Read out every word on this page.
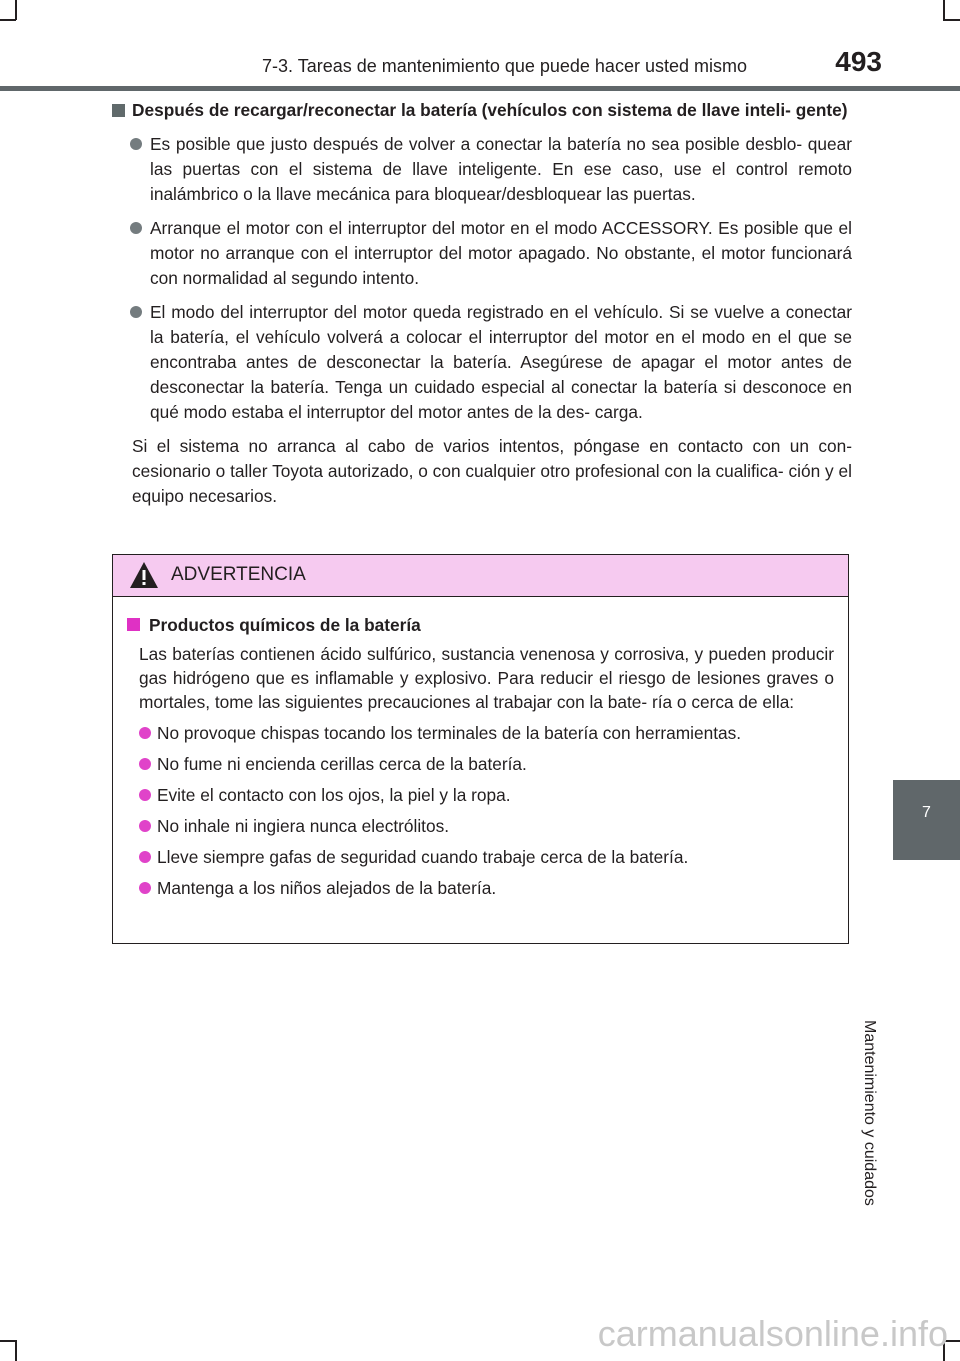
7-3. Tareas de mantenimiento que puede hacer usted mismo	493
7
Mantenimiento y cuidados
Después de recargar/reconectar la batería (vehículos con sistema de llave inteli- gente)
Es posible que justo después de volver a conectar la batería no sea posible desblo- quear las puertas con el sistema de llave inteligente. En ese caso, use el control remoto inalámbrico o la llave mecánica para bloquear/desbloquear las puertas.
Arranque el motor con el interruptor del motor en el modo ACCESSORY. Es posible que el motor no arranque con el interruptor del motor apagado. No obstante, el motor funcionará con normalidad al segundo intento.
El modo del interruptor del motor queda registrado en el vehículo. Si se vuelve a conectar la batería, el vehículo volverá a colocar el interruptor del motor en el modo en el que se encontraba antes de desconectar la batería. Asegúrese de apagar el motor antes de desconectar la batería. Tenga un cuidado especial al conectar la batería si desconoce en qué modo estaba el interruptor del motor antes de la des- carga.
Si el sistema no arranca al cabo de varios intentos, póngase en contacto con un con- cesionario o taller Toyota autorizado, o con cualquier otro profesional con la cualifica- ción y el equipo necesarios.
ADVERTENCIA
Productos químicos de la batería
Las baterías contienen ácido sulfúrico, sustancia venenosa y corrosiva, y pueden producir gas hidrógeno que es inflamable y explosivo. Para reducir el riesgo de lesiones graves o mortales, tome las siguientes precauciones al trabajar con la bate- ría o cerca de ella:
No provoque chispas tocando los terminales de la batería con herramientas.
No fume ni encienda cerillas cerca de la batería.
Evite el contacto con los ojos, la piel y la ropa.
No inhale ni ingiera nunca electrólitos.
Lleve siempre gafas de seguridad cuando trabaje cerca de la batería.
Mantenga a los niños alejados de la batería.
carmanualsonline.info
